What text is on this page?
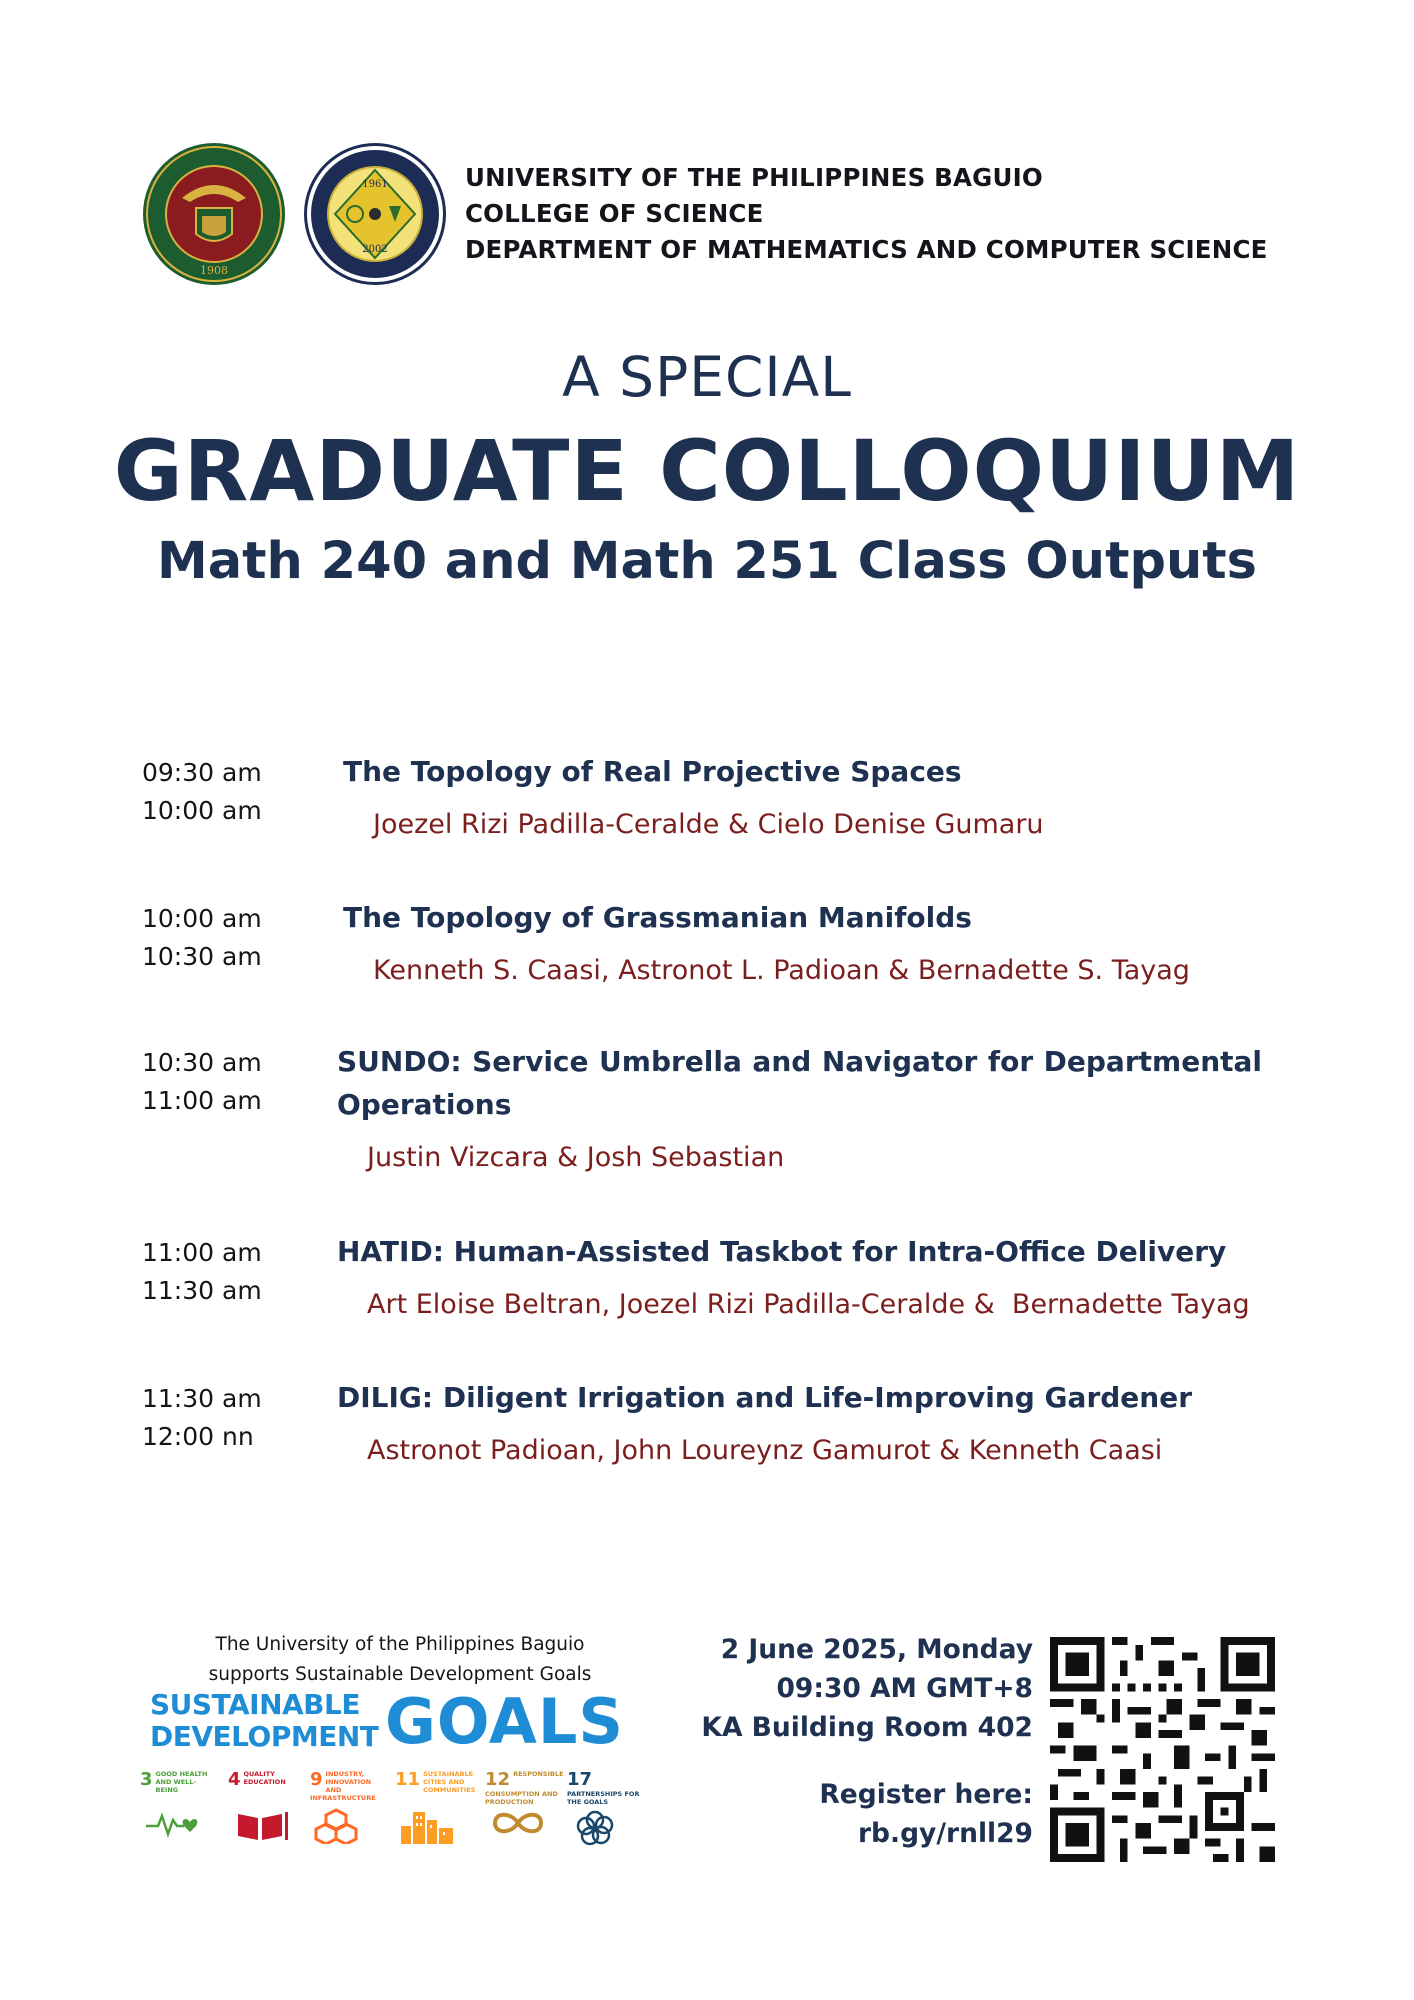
1908
1961
2002
UNIVERSITY OF THE PHILIPPINES BAGUIO
COLLEGE OF SCIENCE
DEPARTMENT OF MATHEMATICS AND COMPUTER SCIENCE
A SPECIAL
GRADUATE COLLOQUIUM
Math 240 and Math 251 Class Outputs
09:30 am
10:00 am
The Topology of Real Projective Spaces
Joezel Rizi Padilla-Ceralde & Cielo Denise Gumaru
10:00 am
10:30 am
The Topology of Grassmanian Manifolds
Kenneth S. Caasi, Astronot L. Padioan & Bernadette S. Tayag
10:30 am
11:00 am
SUNDO: Service Umbrella and Navigator for Departmental Operations
Justin Vizcara & Josh Sebastian
11:00 am
11:30 am
HATID: Human-Assisted Taskbot for Intra-Office Delivery
Art Eloise Beltran, Joezel Rizi Padilla-Ceralde &  Bernadette Tayag
11:30 am
12:00 nn
DILIG: Diligent Irrigation and Life-Improving Gardener
Astronot Padioan, John Loureynz Gamurot & Kenneth Caasi
The University of the Philippines Baguio
supports Sustainable Development Goals
SUSTAINABLE
DEVELOPMENT GOALS
3 GOOD HEALTH AND WELL-BEING	4 QUALITY EDUCATION	9 INDUSTRY, INNOVATION AND INFRASTRUCTURE
11 SUSTAINABLE CITIES AND COMMUNITIES 12 RESPONSIBLE CONSUMPTION AND PRODUCTION
17
PARTNERSHIPS FOR THE GOALS
2 June 2025, Monday
09:30 AM GMT+8
KA Building Room 402
Register here:
rb.gy/rnll29
